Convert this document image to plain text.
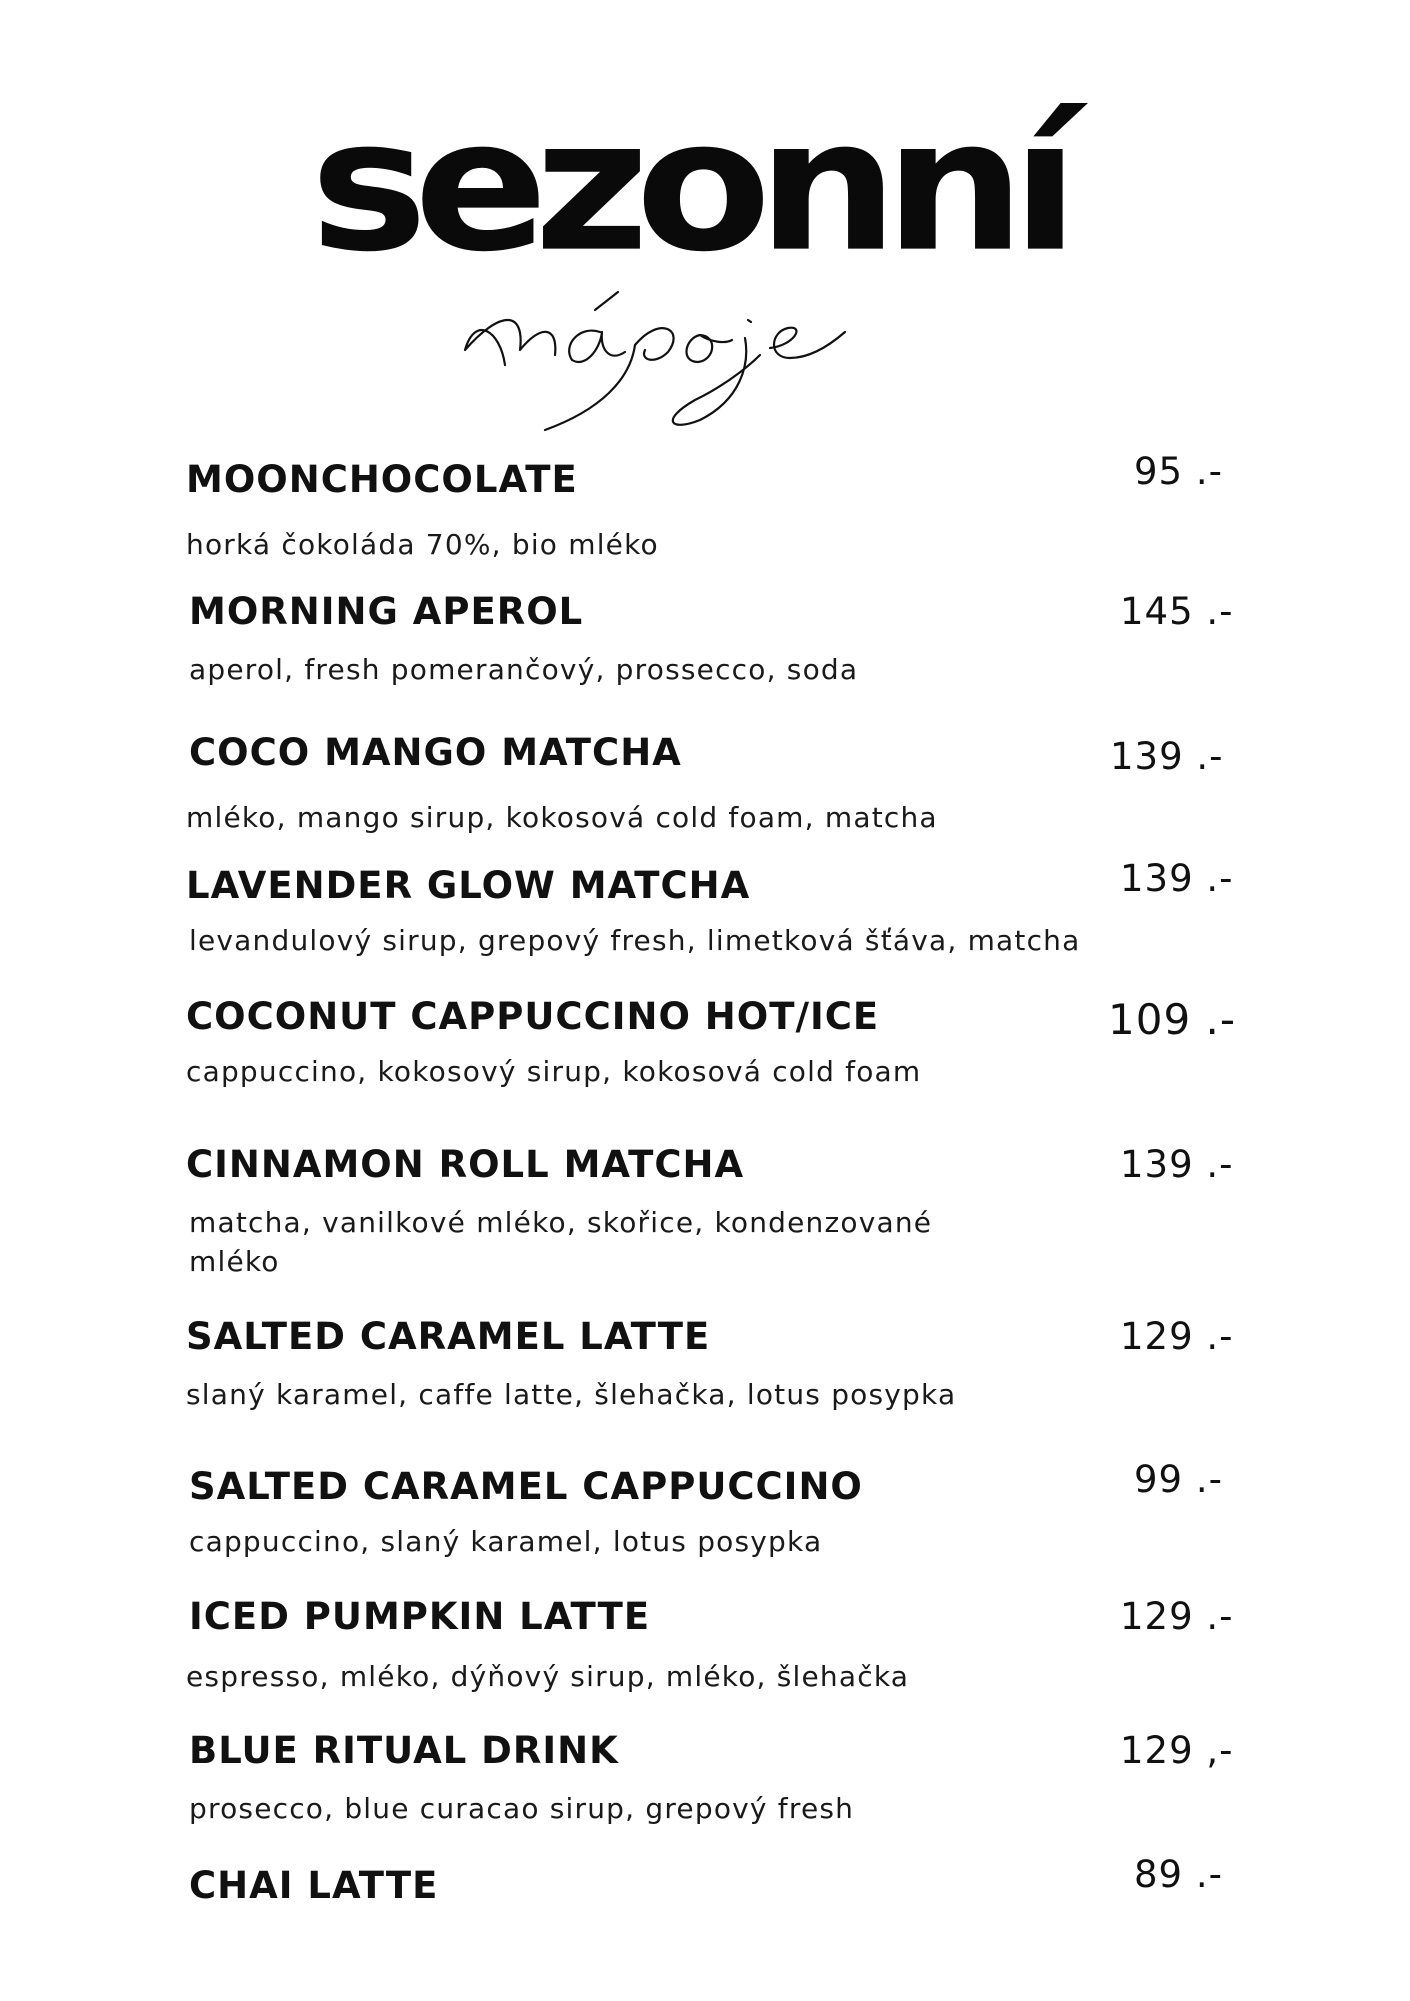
sezonní
MOONCHOCOLATE
horká čokoláda 70%, bio mléko
95 .-
MORNING APEROL
aperol, fresh pomerančový, prossecco, soda
145 .-
COCO MANGO MATCHA
mléko, mango sirup, kokosová cold foam, matcha
139 .-
LAVENDER GLOW MATCHA
levandulový sirup, grepový fresh, limetková šťáva, matcha
139 .-
COCONUT CAPPUCCINO HOT/ICE
cappuccino, kokosový sirup, kokosová cold foam
109 .-
CINNAMON ROLL MATCHA
matcha, vanilkové mléko, skořice, kondenzované mléko
139 .-
SALTED CARAMEL LATTE
slaný karamel, caffe latte, šlehačka, lotus posypka
129 .-
SALTED CARAMEL CAPPUCCINO
cappuccino, slaný karamel, lotus posypka
99 .-
ICED PUMPKIN LATTE
espresso, mléko, dýňový sirup, mléko, šlehačka
129 .-
BLUE RITUAL DRINK
prosecco, blue curacao sirup, grepový fresh
129 ,-
CHAI LATTE	89 .-
